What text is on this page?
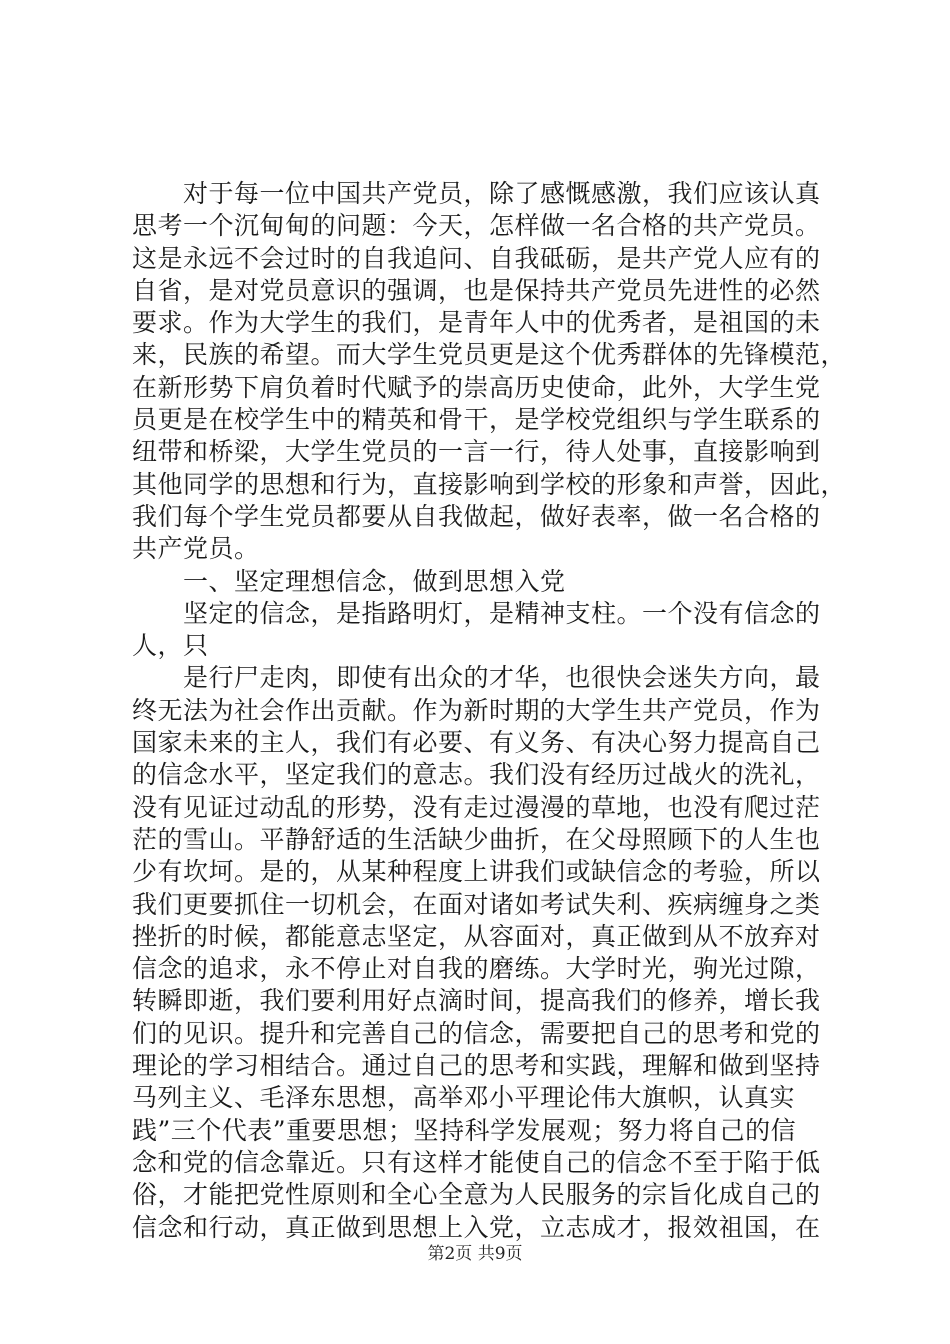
　　对于每一位中国共产党员，除了感慨感激，我们应该认真
思考一个沉甸甸的问题：今天，怎样做一名合格的共产党员。
这是永远不会过时的自我追问、自我砥砺，是共产党人应有的
自省，是对党员意识的强调，也是保持共产党员先进性的必然
要求。作为大学生的我们，是青年人中的优秀者，是祖国的未
来，民族的希望。而大学生党员更是这个优秀群体的先锋模范，
在新形势下肩负着时代赋予的崇高历史使命，此外，大学生党
员更是在校学生中的精英和骨干，是学校党组织与学生联系的
纽带和桥梁，大学生党员的一言一行，待人处事，直接影响到
其他同学的思想和行为，直接影响到学校的形象和声誉，因此，
我们每个学生党员都要从自我做起，做好表率，做一名合格的
共产党员。
　　一、坚定理想信念，做到思想入党
　　坚定的信念，是指路明灯，是精神支柱。一个没有信念的
人，只
　　是行尸走肉，即使有出众的才华，也很快会迷失方向，最
终无法为社会作出贡献。作为新时期的大学生共产党员，作为
国家未来的主人，我们有必要、有义务、有决心努力提高自己
的信念水平，坚定我们的意志。我们没有经历过战火的洗礼，
没有见证过动乱的形势，没有走过漫漫的草地，也没有爬过茫
茫的雪山。平静舒适的生活缺少曲折，在父母照顾下的人生也
少有坎坷。是的，从某种程度上讲我们或缺信念的考验，所以
我们更要抓住一切机会，在面对诸如考试失利、疾病缠身之类
挫折的时候，都能意志坚定，从容面对，真正做到从不放弃对
信念的追求，永不停止对自我的磨练。大学时光，驹光过隙，
转瞬即逝，我们要利用好点滴时间，提高我们的修养，增长我
们的见识。提升和完善自己的信念，需要把自己的思考和党的
理论的学习相结合。通过自己的思考和实践，理解和做到坚持
马列主义、毛泽东思想，高举邓小平理论伟大旗帜，认真实
践”三个代表”重要思想；坚持科学发展观；努力将自己的信
念和党的信念靠近。只有这样才能使自己的信念不至于陷于低
俗，才能把党性原则和全心全意为人民服务的宗旨化成自己的
信念和行动，真正做到思想上入党，立志成才，报效祖国，在
第2页 共9页
